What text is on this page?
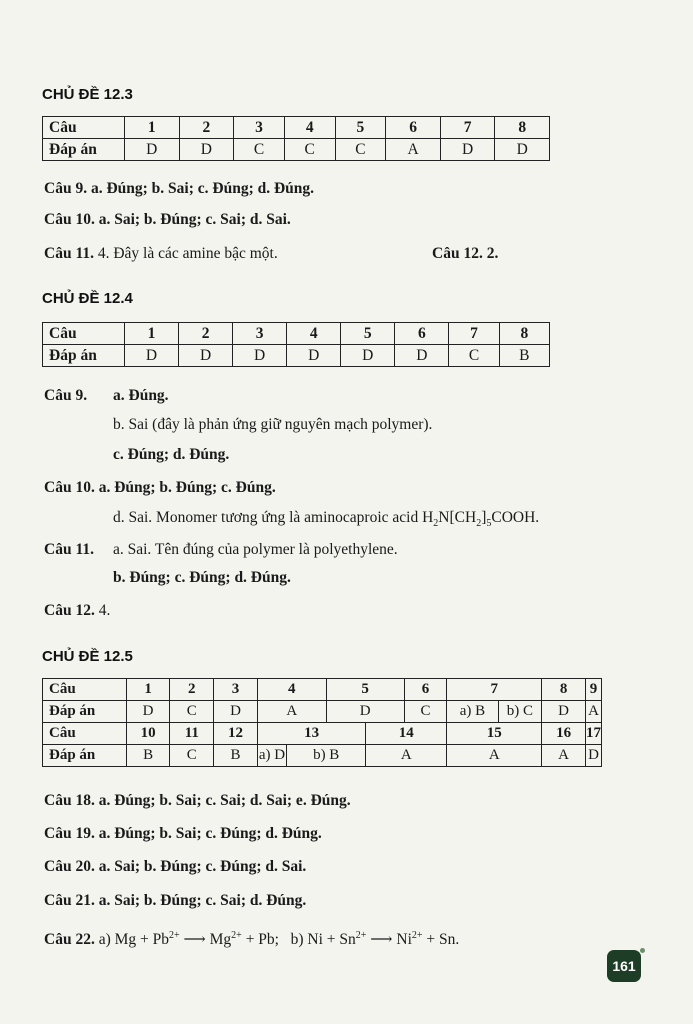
CHỦ ĐỀ 12.3
Câu	1	2	3	4	5	6	7	8
Đáp án	D	D	C	C	C	A	D	D

Câu 9. a. Đúng; b. Sai; c. Đúng; d. Đúng.

Câu 10. a. Sai; b. Đúng; c. Sai; d. Sai.

Câu 11. 4. Đây là các amine bậc một.	Câu 12. 2.

CHỦ ĐỀ 12.4
Câu	1	2	3	4	5	6	7	8
Đáp án	D	D	D	D	D	D	C	B

Câu 9. a. Đúng.

b. Sai (đây là phản ứng giữ nguyên mạch polymer).

c. Đúng; d. Đúng.

Câu 10. a. Đúng; b. Đúng; c. Đúng.

d. Sai. Monomer tương ứng là aminocaproic acid $H_2N[CH_2]_5COOH$.

Câu 11. a. Sai. Tên đúng của polymer là polyethylene.

b. Đúng; c. Đúng; d. Đúng.

Câu 12. 4.

CHỦ ĐỀ 12.5
Câu	1	2	3	4		5		6	7		8	9
Đáp án	D	C	D	A		D		C	a) B	b) C	D	A
Câu	10	11	12	13			14		15		16	17
Đáp án	B	C	B	a) D	b) B		A		A		A	D

Câu 18. a. Đúng; b. Sai; c. Sai; d. Sai; e. Đúng.

Câu 19. a. Đúng; b. Sai; c. Đúng; d. Đúng.

Câu 20. a. Sai; b. Đúng; c. Đúng; d. Sai.

Câu 21. a. Sai; b. Đúng; c. Sai; d. Đúng.

Câu 22. a) $Mg + Pb^{2+}$ ⟶ $Mg^{2+} + Pb$;   b) $Ni + Sn^{2+}$ ⟶ $Ni^{2+} + Sn$.

161
